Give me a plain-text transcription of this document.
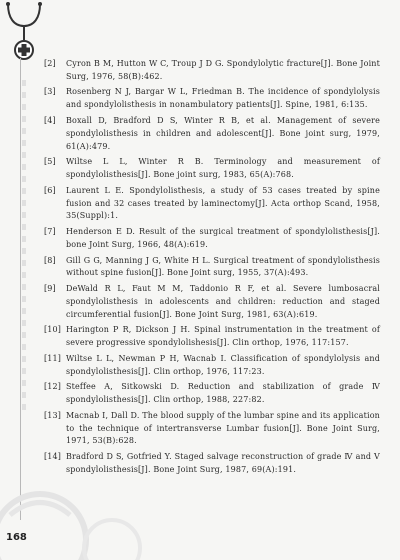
[2] Cyron B M, Hutton W C, Troup J D G. Spondylolytic fracture[J]. Bone Joint Surg, 1976, 58(B):462.
[3] Rosenberg N J, Bargar W L, Friedman B. The incidence of spondylolysis and spondylolisthesis in nonambulatory patients[J]. Spine, 1981, 6:135.
[4] Boxall D, Bradford D S, Winter R B, et al. Management of severe spondylolisthesis in children and adolescent[J]. Bone joint surg, 1979, 61(A):479.
[5] Wiltse L L, Winter R B. Terminology and measurement of spondylolisthesis[J]. Bone joint surg, 1983, 65(A):768.
[6] Laurent L E. Spondylolisthesis, a study of 53 cases treated by spine fusion and 32 cases treated by laminectomy[J]. Acta orthop Scand, 1958, 35(Suppl):1.
[7] Henderson E D. Result of the surgical treatment of spondylolisthesis[J]. bone Joint Surg, 1966, 48(A):619.
[8] Gill G G, Manning J G, White H L. Surgical treatment of spondylolisthesis without spine fusion[J]. Bone Joint surg, 1955, 37(A):493.
[9] DeWald R L, Faut M M, Taddonio R F, et al. Severe lumbosacral spondylolisthesis in adolescents and children: reduction and staged circumferential fusion[J]. Bone Joint Surg, 1981, 63(A):619.
[10] Harington P R, Dickson J H. Spinal instrumentation in the treatment of severe progressive spondylolishesis[J]. Clin orthop, 1976, 117:157.
[11] Wiltse L L, Newman P H, Wacnab I. Classification of spondylolysis and spondylolisthesis[J]. Clin orthop, 1976, 117:23.
[12] Steffee A, Sitkowski D. Reduction and stabilization of grade Ⅳ spondylolisthesis[J]. Clin orthop, 1988, 227:82.
[13] Macnab I, Dall D. The blood supply of the lumbar spine and its application to the technique of intertransverse Lumbar fusion[J]. Bone Joint Surg, 1971, 53(B):628.
[14] Bradford D S, Gotfried Y. Staged salvage reconstruction of grade Ⅳ and Ⅴ spondylolisthesis[J]. Bone Joint Surg, 1987, 69(A):191.
168
